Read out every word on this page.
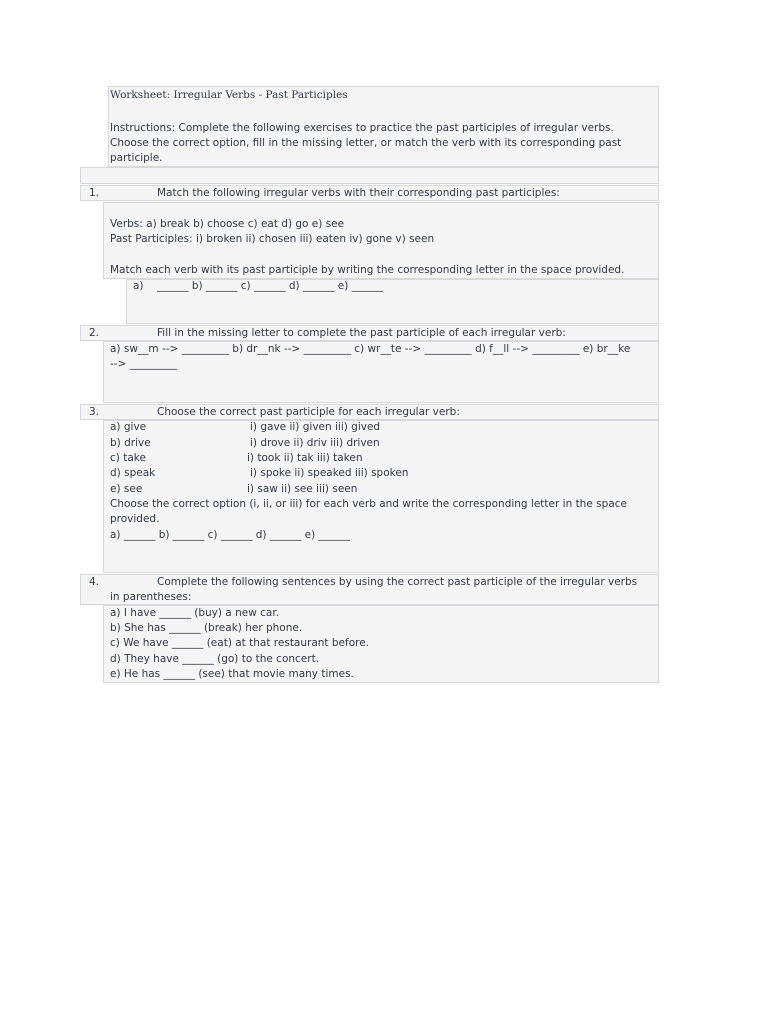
Worksheet: Irregular Verbs - Past Participles
Instructions: Complete the following exercises to practice the past participles of irregular verbs.
Choose the correct option, fill in the missing letter, or match the verb with its corresponding past
participle.
1.	Match the following irregular verbs with their corresponding past participles:
Verbs: a) break b) choose c) eat d) go e) see
Past Participles: i) broken ii) chosen iii) eaten iv) gone v) seen
Match each verb with its past participle by writing the corresponding letter in the space provided.
a) ______ b) ______ c) ______ d) ______ e) ______
2.	Fill in the missing letter to complete the past participle of each irregular verb:
a) sw__m --> _________ b) dr__nk --> _________ c) wr__te --> _________ d) f__ll --> _________ e) br__ke
--> _________
3.	Choose the correct past participle for each irregular verb:
a) give	i) gave ii) given iii) gived
b) drive	i) drove ii) driv iii) driven
c) take	i) took ii) tak iii) taken
d) speak	i) spoke ii) speaked iii) spoken
e) see	i) saw ii) see iii) seen
Choose the correct option (i, ii, or iii) for each verb and write the corresponding letter in the space
provided.
a) ______ b) ______ c) ______ d) ______ e) ______
4.	Complete the following sentences by using the correct past participle of the irregular verbs
in parentheses:
a) I have ______ (buy) a new car.
b) She has ______ (break) her phone.
c) We have ______ (eat) at that restaurant before.
d) They have ______ (go) to the concert.
e) He has ______ (see) that movie many times.
